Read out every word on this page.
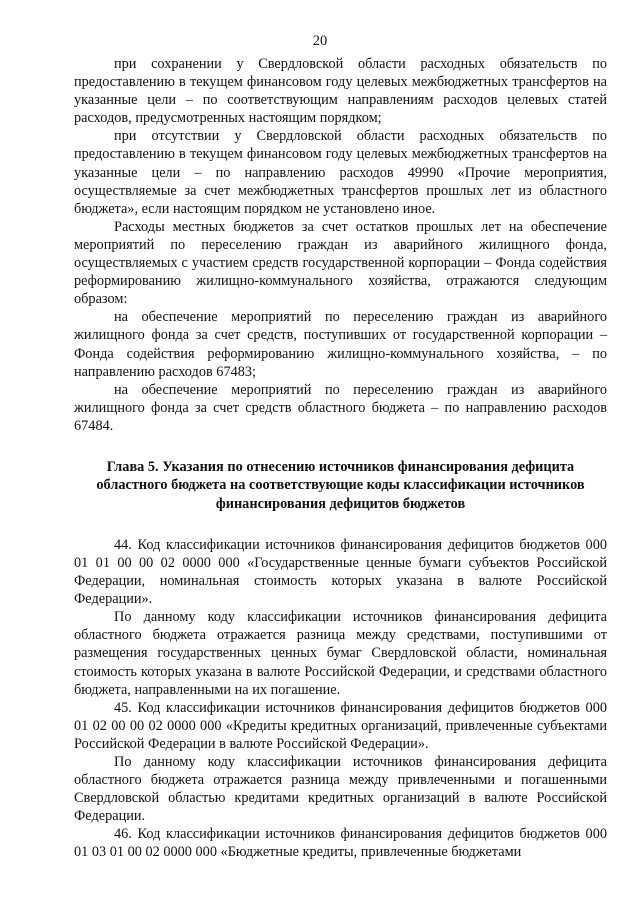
20

при сохранении у Свердловской области расходных обязательств по предоставлению в текущем финансовом году целевых межбюджетных трансфертов на указанные цели – по соответствующим направлениям расходов целевых статей расходов, предусмотренных настоящим порядком;

при отсутствии у Свердловской области расходных обязательств по предоставлению в текущем финансовом году целевых межбюджетных трансфертов на указанные цели – по направлению расходов 49990 «Прочие мероприятия, осуществляемые за счет межбюджетных трансфертов прошлых лет из областного бюджета», если настоящим порядком не установлено иное.

Расходы местных бюджетов за счет остатков прошлых лет на обеспечение мероприятий по переселению граждан из аварийного жилищного фонда, осуществляемых с участием средств государственной корпорации – Фонда содействия реформированию жилищно-коммунального хозяйства, отражаются следующим образом:

на обеспечение мероприятий по переселению граждан из аварийного жилищного фонда за счет средств, поступивших от государственной корпорации – Фонда содействия реформированию жилищно-коммунального хозяйства, – по направлению расходов 67483;

на обеспечение мероприятий по переселению граждан из аварийного жилищного фонда за счет средств областного бюджета – по направлению расходов 67484.

Глава 5. Указания по отнесению источников финансирования дефицита областного бюджета на соответствующие коды классификации источников финансирования дефицитов бюджетов

44. Код классификации источников финансирования дефицитов бюджетов 000 01 01 00 00 02 0000 000 «Государственные ценные бумаги субъектов Российской Федерации, номинальная стоимость которых указана в валюте Российской Федерации».

По данному коду классификации источников финансирования дефицита областного бюджета отражается разница между средствами, поступившими от размещения государственных ценных бумаг Свердловской области, номинальная стоимость которых указана в валюте Российской Федерации, и средствами областного бюджета, направленными на их погашение.

45. Код классификации источников финансирования дефицитов бюджетов 000 01 02 00 00 02 0000 000 «Кредиты кредитных организаций, привлеченные субъектами Российской Федерации в валюте Российской Федерации».

По данному коду классификации источников финансирования дефицита областного бюджета отражается разница между привлеченными и погашенными Свердловской областью кредитами кредитных организаций в валюте Российской Федерации.

46. Код классификации источников финансирования дефицитов бюджетов 000 01 03 01 00 02 0000 000 «Бюджетные кредиты, привлеченные бюджетами
